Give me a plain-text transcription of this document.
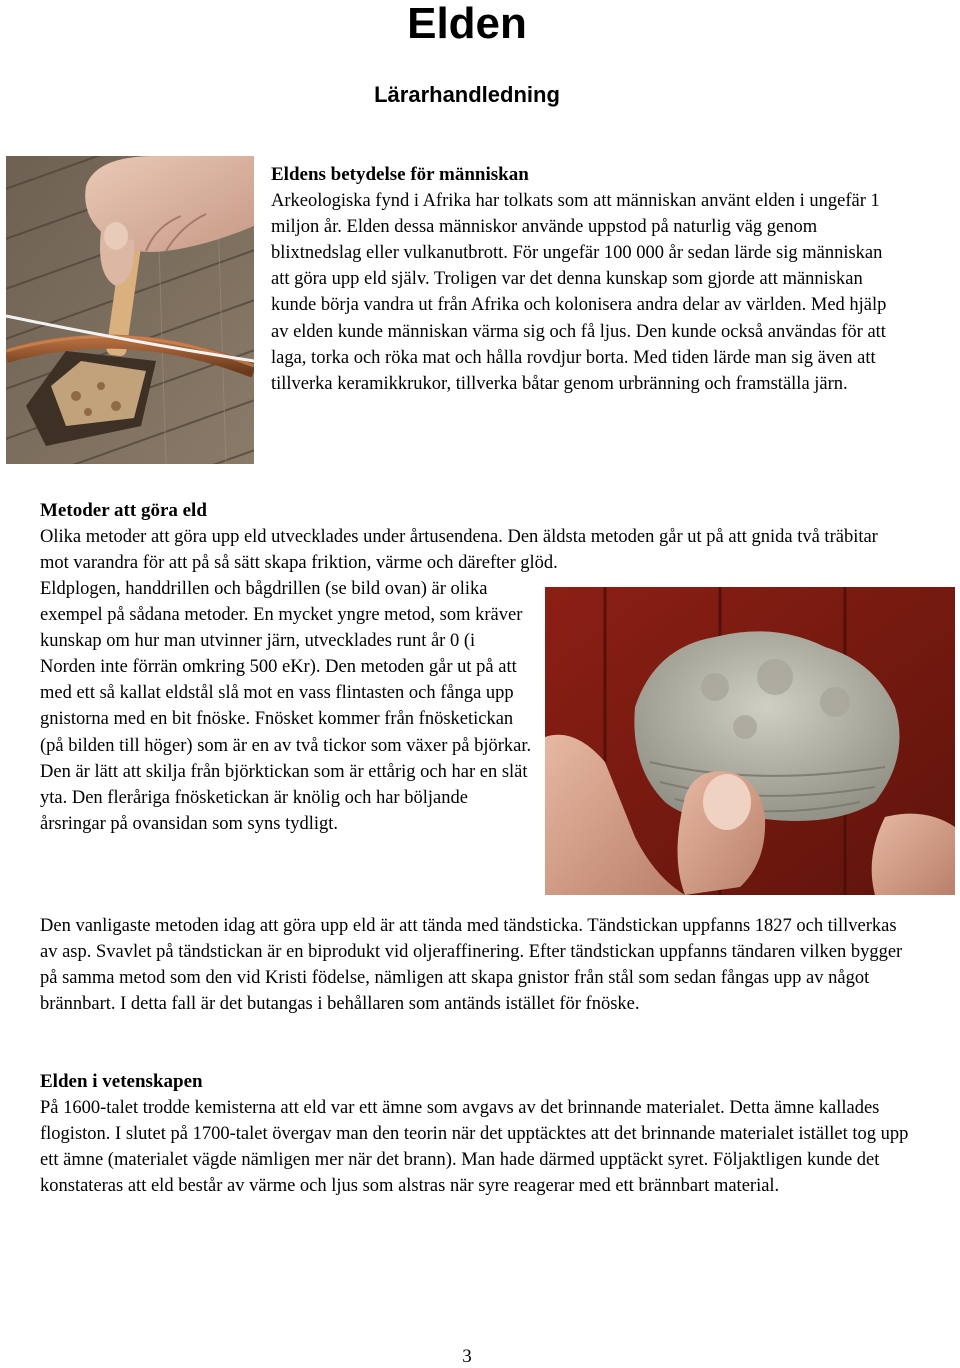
Elden
Lärarhandledning
Eldens betydelse för människan
Arkeologiska fynd i Afrika har tolkats som att människan använt elden i ungefär 1 miljon år. Elden dessa människor använde uppstod på naturlig väg genom blixtnedslag eller vulkanutbrott. För ungefär 100 000 år sedan lärde sig människan att göra upp eld själv. Troligen var det denna kunskap som gjorde att människan kunde börja vandra ut från Afrika och kolonisera andra delar av världen. Med hjälp av elden kunde människan värma sig och få ljus. Den kunde också användas för att laga, torka och röka mat och hålla rovdjur borta. Med tiden lärde man sig även att tillverka keramikkrukor, tillverka båtar genom urbränning och framställa järn.
Metoder att göra eld
Olika metoder att göra upp eld utvecklades under årtusendena. Den äldsta metoden går ut på att gnida två träbitar mot varandra för att på så sätt skapa friktion, värme och därefter glöd.
Eldplogen, handdrillen och bågdrillen (se bild ovan) är olika exempel på sådana metoder. En mycket yngre metod, som kräver kunskap om hur man utvinner järn, utvecklades runt år 0 (i Norden inte förrän omkring 500 eKr). Den metoden går ut på att med ett så kallat eldstål slå mot en vass flintasten och fånga upp gnistorna med en bit fnöske. Fnösket kommer från fnösketickan (på bilden till höger) som är en av två tickor som växer på björkar. Den är lätt att skilja från björktickan som är ettårig och har en slät yta. Den fleråriga fnösketickan är knölig och har böljande årsringar på ovansidan som syns tydligt.
Den vanligaste metoden idag att göra upp eld är att tända med tändsticka. Tändstickan uppfanns 1827 och tillverkas av asp. Svavlet på tändstickan är en biprodukt vid oljeraffinering. Efter tändstickan uppfanns tändaren vilken bygger på samma metod som den vid Kristi födelse, nämligen att skapa gnistor från stål som sedan fångas upp av något brännbart. I detta fall är det butangas i behållaren som antänds istället för fnöske.
Elden i vetenskapen
På 1600-talet trodde kemisterna att eld var ett ämne som avgavs av det brinnande materialet. Detta ämne kallades flogiston. I slutet på 1700-talet övergav man den teorin när det upptäcktes att det brinnande materialet istället tog upp ett ämne (materialet vägde nämligen mer när det brann). Man hade därmed upptäckt syret. Följaktligen kunde det konstateras att eld består av värme och ljus som alstras när syre reagerar med ett brännbart material.
3
